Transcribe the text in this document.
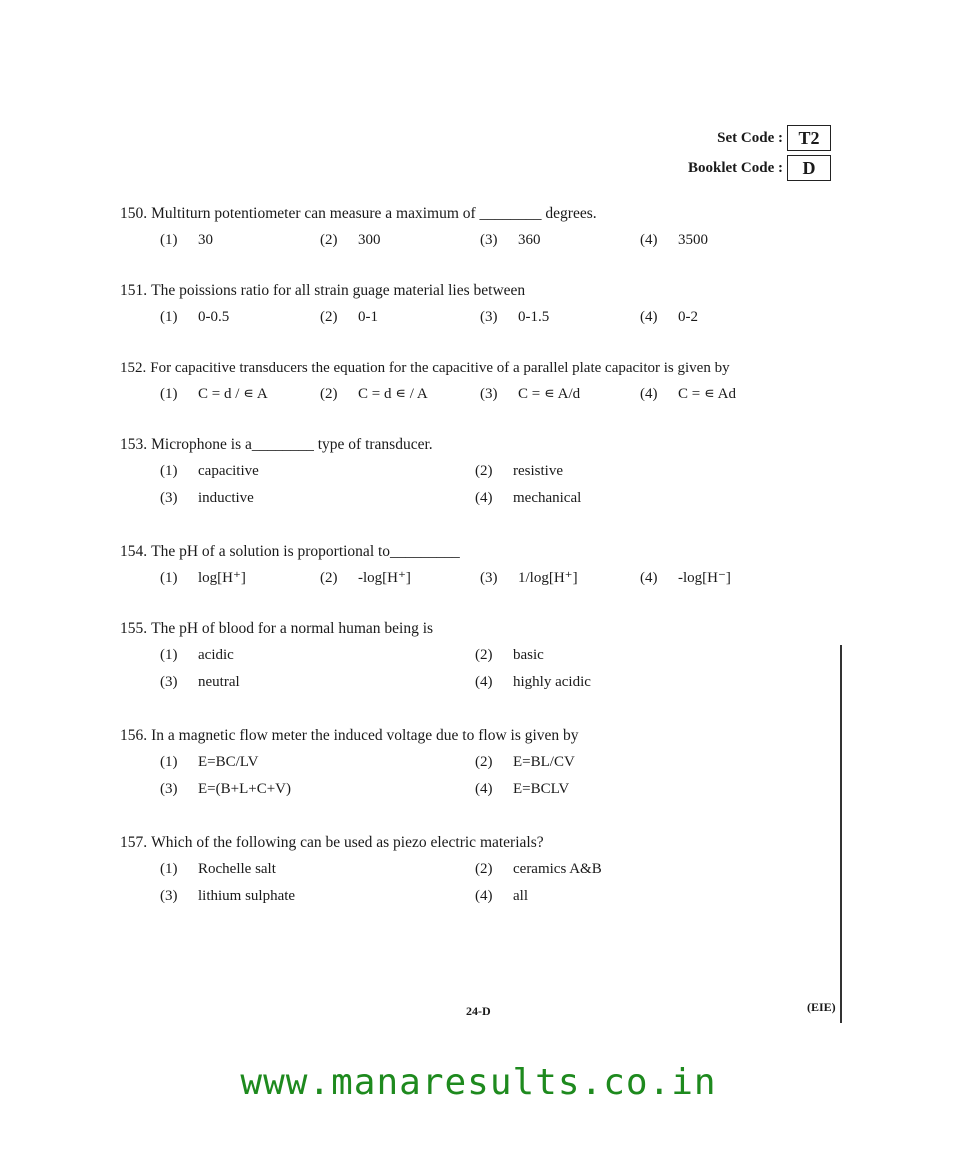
Set Code : T2
Booklet Code :	D
150. Multiturn potentiometer can measure a maximum of ________ degrees.
(1) 30	(2) 300	(3) 360	(4) 3500
151. The poissions ratio for all strain guage material lies between
(1) 0-0.5	(2) 0-1	(3) 0-1.5	(4) 0-2
152. For capacitive transducers the equation for the capacitive of a parallel plate capacitor is given by
(1) C = d / ∊ A	(2) C = d ∊ / A	(3) C = ∊ A/d	(4) C = ∊ Ad
153. Microphone is a________ type of transducer.
(1) capacitive	(2) resistive
(3) inductive	(4) mechanical
154. The pH of a solution is proportional to_________
(1) log[H⁺]	(2) -log[H⁺]	(3) 1/log[H⁺]	(4) -log[H⁻]
155. The pH of blood for a normal human being is
(1) acidic	(2) basic
(3) neutral	(4) highly acidic
156. In a magnetic flow meter the induced voltage due to flow is given by
(1) E=BC/LV	(2) E=BL/CV
(3) E=(B+L+C+V)	(4) E=BCLV
157. Which of the following can be used as piezo electric materials?
(1) Rochelle salt	(2) ceramics A&B
(3) lithium sulphate	(4) all
24-D	(EIE)
www.manaresults.co.in
